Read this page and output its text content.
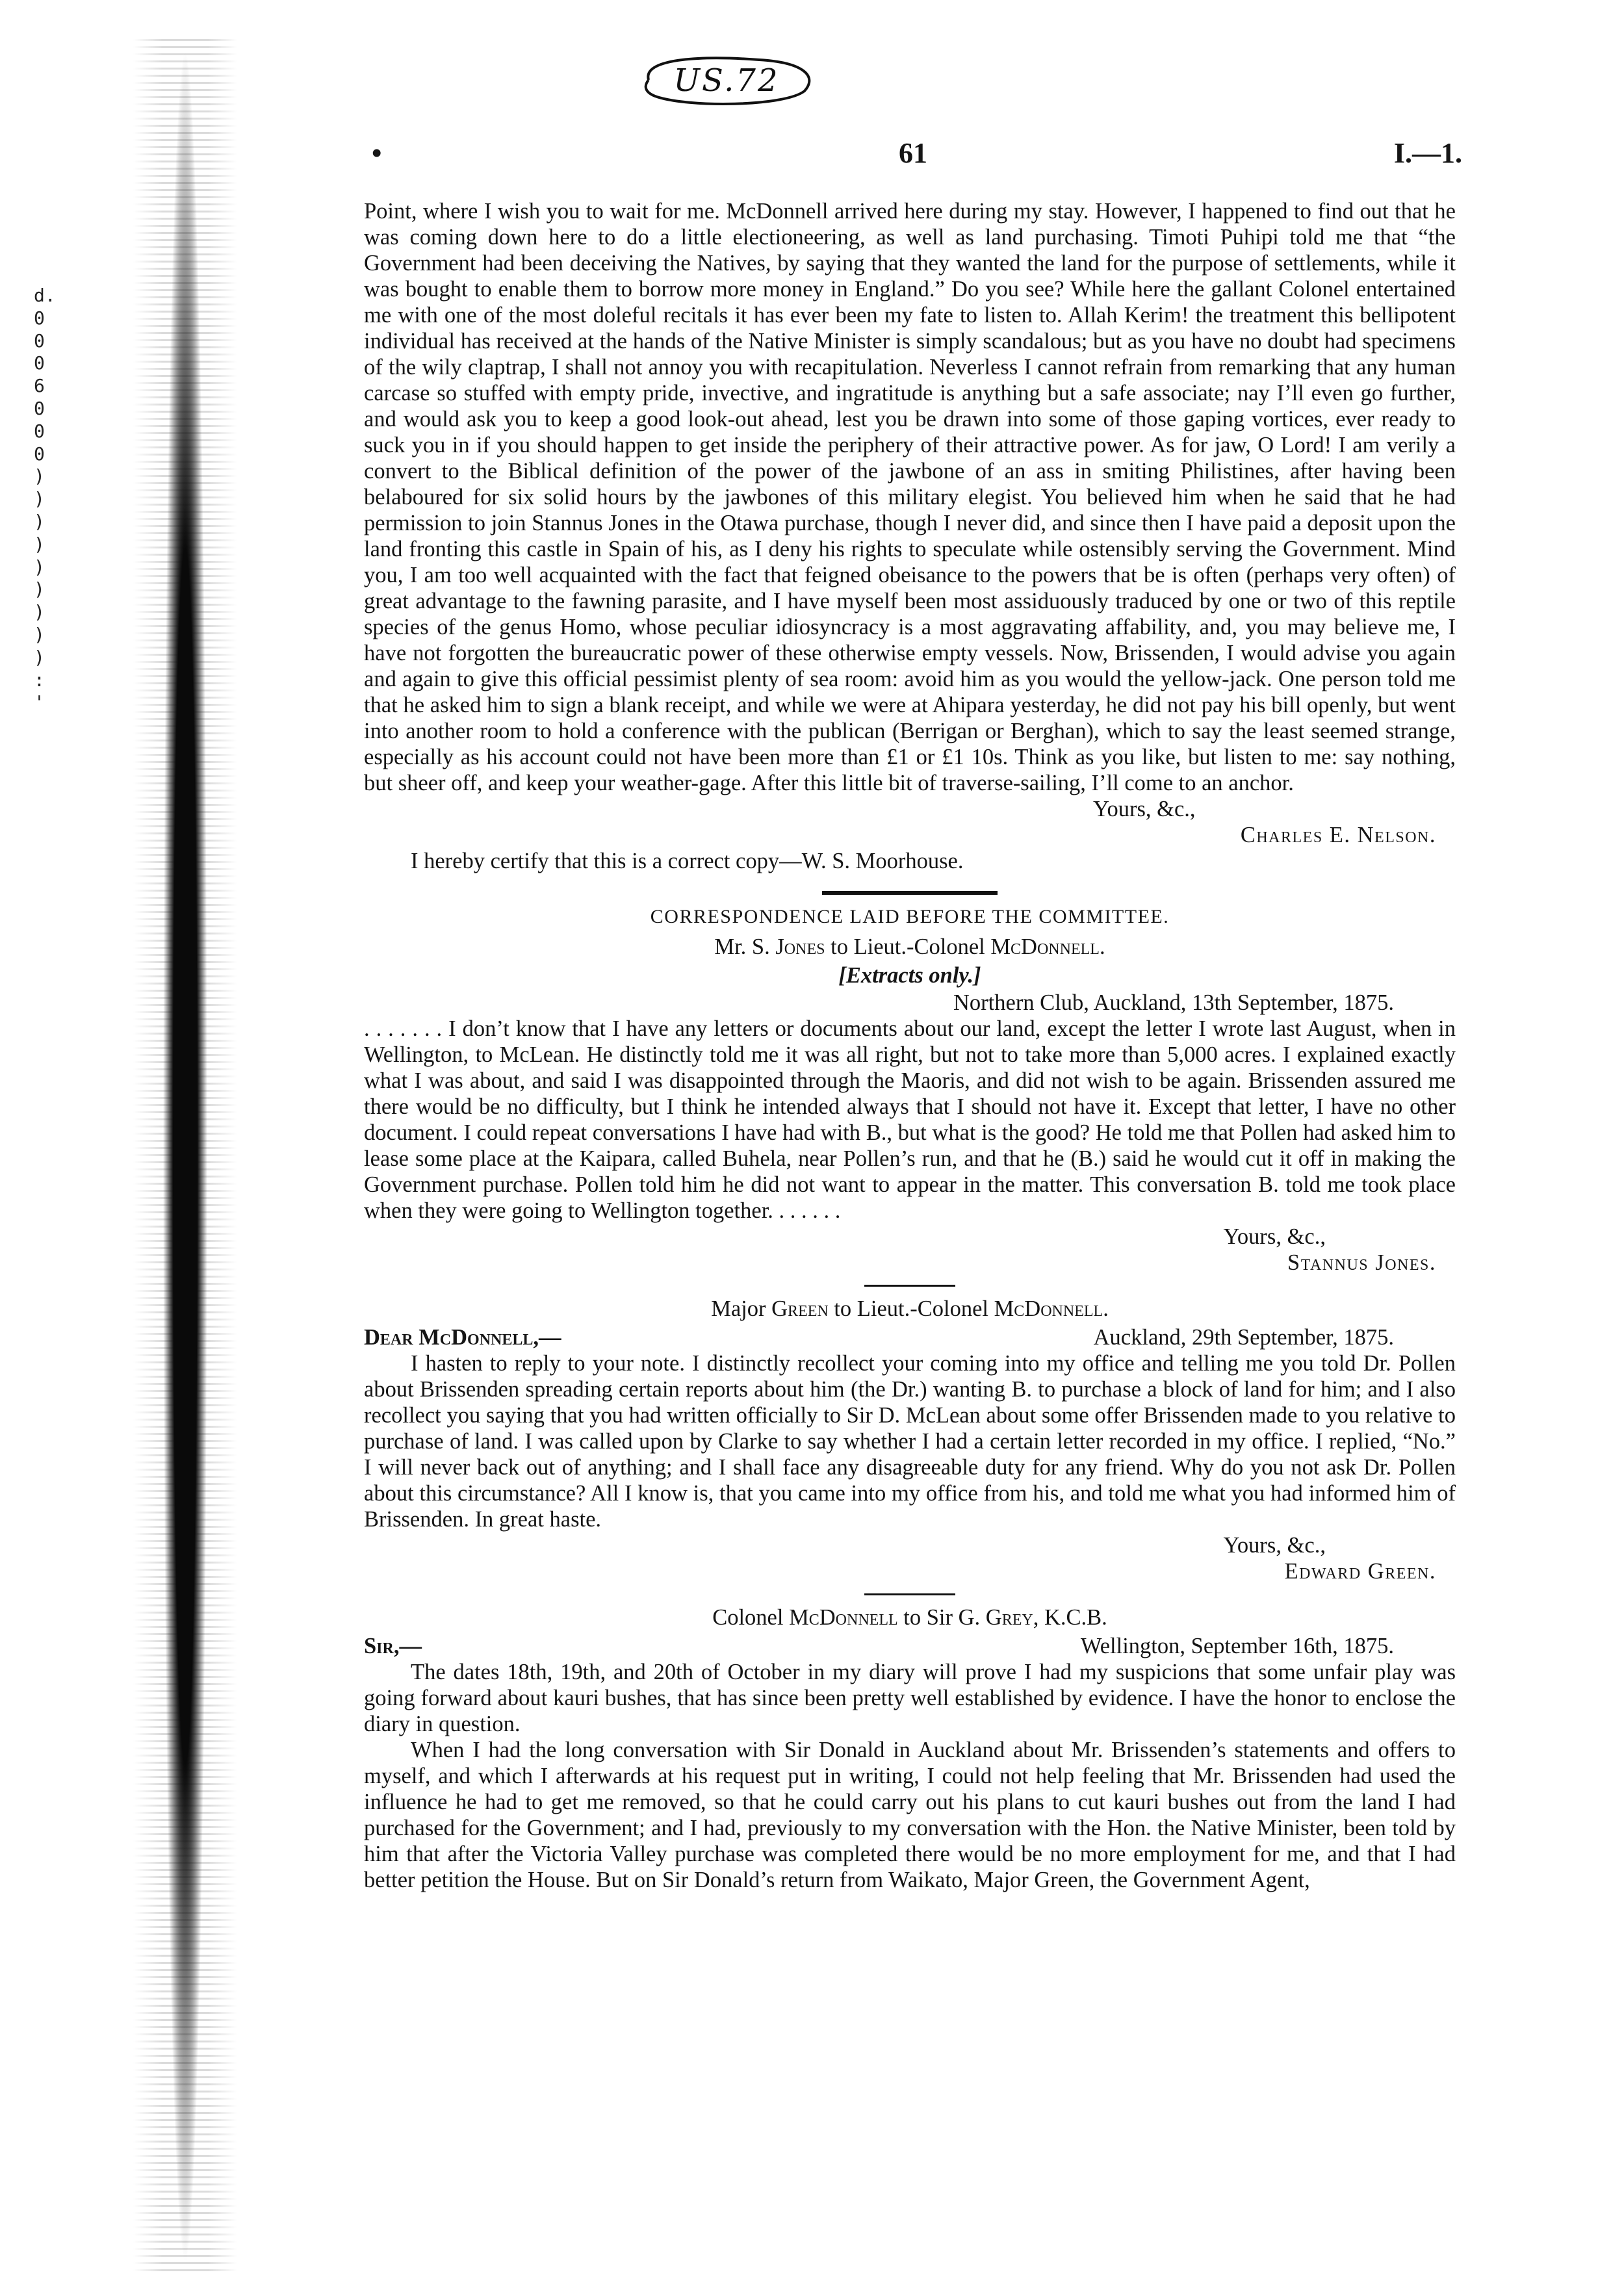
d.
0
0
0
6
0
0
0
)
)
)
)
)
)
)
)
)
:
'
US.72
•	61	I.—1.

Point, where I wish you to wait for me. McDonnell arrived here during my stay. However, I happened to find out that he was coming down here to do a little electioneering, as well as land purchasing. Timoti Puhipi told me that “the Government had been deceiving the Natives, by saying that they wanted the land for the purpose of settlements, while it was bought to enable them to borrow more money in England.” Do you see? While here the gallant Colonel entertained me with one of the most doleful recitals it has ever been my fate to listen to. Allah Kerim! the treatment this bellipotent individual has received at the hands of the Native Minister is simply scandalous; but as you have no doubt had specimens of the wily claptrap, I shall not annoy you with recapitulation. Neverless I cannot refrain from remarking that any human carcase so stuffed with empty pride, invective, and ingratitude is anything but a safe associate; nay I’ll even go further, and would ask you to keep a good look-out ahead, lest you be drawn into some of those gaping vortices, ever ready to suck you in if you should happen to get inside the periphery of their attractive power. As for jaw, O Lord! I am verily a convert to the Biblical definition of the power of the jawbone of an ass in smiting Philistines, after having been belaboured for six solid hours by the jawbones of this military elegist. You believed him when he said that he had permission to join Stannus Jones in the Otawa purchase, though I never did, and since then I have paid a deposit upon the land fronting this castle in Spain of his, as I deny his rights to speculate while ostensibly serving the Government. Mind you, I am too well acquainted with the fact that feigned obeisance to the powers that be is often (perhaps very often) of great advantage to the fawning parasite, and I have myself been most assiduously traduced by one or two of this reptile species of the genus Homo, whose peculiar idiosyncracy is a most aggravating affability, and, you may believe me, I have not forgotten the bureaucratic power of these otherwise empty vessels. Now, Brissenden, I would advise you again and again to give this official pessimist plenty of sea room: avoid him as you would the yellow-jack. One person told me that he asked him to sign a blank receipt, and while we were at Ahipara yesterday, he did not pay his bill openly, but went into another room to hold a conference with the publican (Berrigan or Berghan), which to say the least seemed strange, especially as his account could not have been more than £1 or £1 10s. Think as you like, but listen to me: say nothing, but sheer off, and keep your weather-gage. After this little bit of traverse-sailing, I’ll come to an anchor.

Yours, &c.,
Charles E. Nelson.

I hereby certify that this is a correct copy—W. S. Moorhouse.

CORRESPONDENCE LAID BEFORE THE COMMITTEE.
Mr. S. Jones to Lieut.-Colonel McDonnell.
[Extracts only.]
Northern Club, Auckland, 13th September, 1875.

. . . . . . . I don’t know that I have any letters or documents about our land, except the letter I wrote last August, when in Wellington, to McLean. He distinctly told me it was all right, but not to take more than 5,000 acres. I explained exactly what I was about, and said I was disappointed through the Maoris, and did not wish to be again. Brissenden assured me there would be no difficulty, but I think he intended always that I should not have it. Except that letter, I have no other document. I could repeat conversations I have had with B., but what is the good? He told me that Pollen had asked him to lease some place at the Kaipara, called Buhela, near Pollen’s run, and that he (B.) said he would cut it off in making the Government purchase. Pollen told him he did not want to appear in the matter. This conversation B. told me took place when they were going to Wellington together. . . . . . .

Yours, &c.,
Stannus Jones.
Major Green to Lieut.-Colonel McDonnell.
Dear McDonnell,—	Auckland, 29th September, 1875.

I hasten to reply to your note. I distinctly recollect your coming into my office and telling me you told Dr. Pollen about Brissenden spreading certain reports about him (the Dr.) wanting B. to purchase a block of land for him; and I also recollect you saying that you had written officially to Sir D. McLean about some offer Brissenden made to you relative to purchase of land. I was called upon by Clarke to say whether I had a certain letter recorded in my office. I replied, “No.” I will never back out of anything; and I shall face any disagreeable duty for any friend. Why do you not ask Dr. Pollen about this circumstance? All I know is, that you came into my office from his, and told me what you had informed him of Brissenden. In great haste.

Yours, &c.,
Edward Green.
Colonel McDonnell to Sir G. Grey, K.C.B.
Sir,—	Wellington, September 16th, 1875.

The dates 18th, 19th, and 20th of October in my diary will prove I had my suspicions that some unfair play was going forward about kauri bushes, that has since been pretty well established by evidence. I have the honor to enclose the diary in question.

When I had the long conversation with Sir Donald in Auckland about Mr. Brissenden’s statements and offers to myself, and which I afterwards at his request put in writing, I could not help feeling that Mr. Brissenden had used the influence he had to get me removed, so that he could carry out his plans to cut kauri bushes out from the land I had purchased for the Government; and I had, previously to my conversation with the Hon. the Native Minister, been told by him that after the Victoria Valley purchase was completed there would be no more employment for me, and that I had better petition the House. But on Sir Donald’s return from Waikato, Major Green, the Government Agent,
